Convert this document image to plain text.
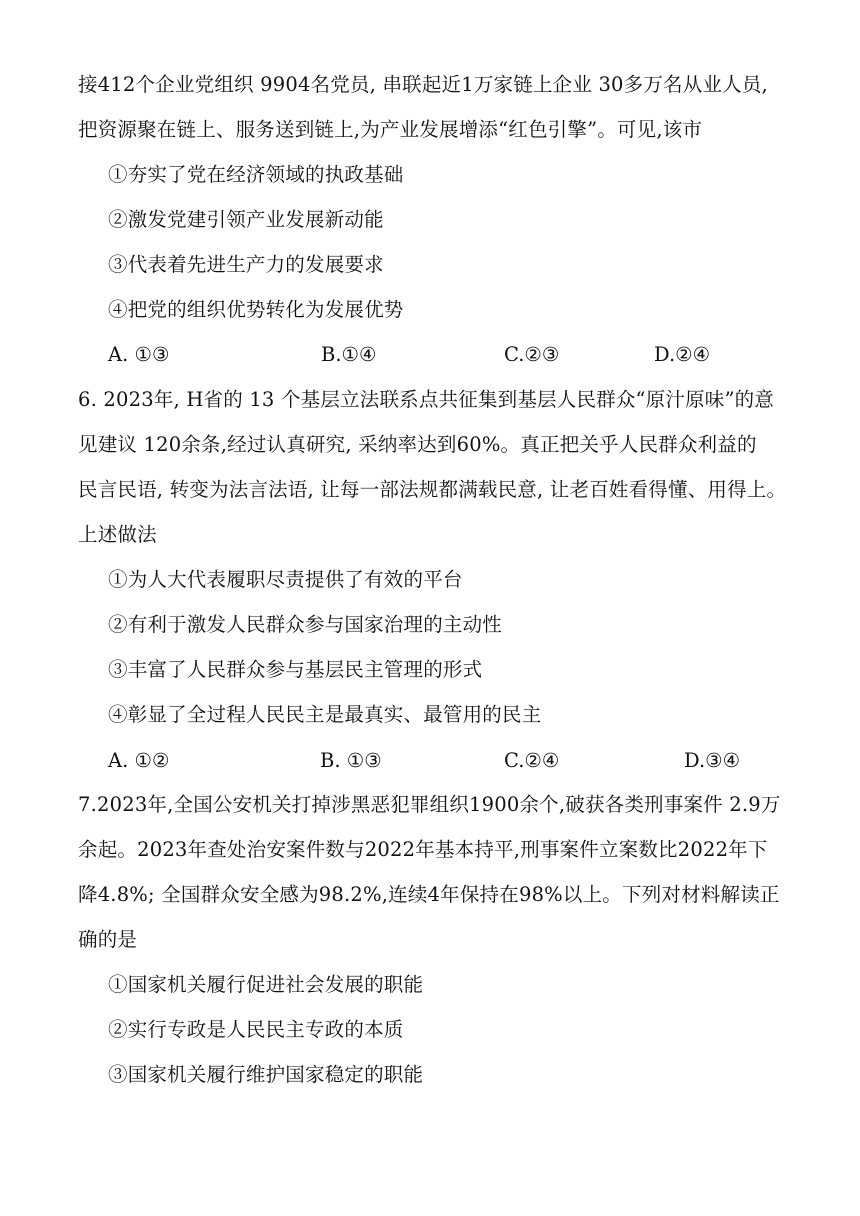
接412个企业党组织 9904名党员, 串联起近1万家链上企业 30多万名从业人员,
把资源聚在链上、服务送到链上,为产业发展增添“红色引擎”。可见,该市
①夯实了党在经济领域的执政基础
②激发党建引领产业发展新动能
③代表着先进生产力的发展要求
④把党的组织优势转化为发展优势
A. ①③	B.①④	C.②③	D.②④
6. 2023年, H省的 13 个基层立法联系点共征集到基层人民群众“原汁原味”的意
见建议 120余条,经过认真研究, 采纳率达到60%。真正把关乎人民群众利益的
民言民语, 转变为法言法语, 让每一部法规都满载民意, 让老百姓看得懂、用得上。
上述做法
①为人大代表履职尽责提供了有效的平台
②有利于激发人民群众参与国家治理的主动性
③丰富了人民群众参与基层民主管理的形式
④彰显了全过程人民民主是最真实、最管用的民主
A. ①②	B. ①③	C.②④	D.③④
7.2023年,全国公安机关打掉涉黑恶犯罪组织1900余个,破获各类刑事案件 2.9万
余起。2023年查处治安案件数与2022年基本持平,刑事案件立案数比2022年下
降4.8%; 全国群众安全感为98.2%,连续4年保持在98%以上。下列对材料解读正
确的是
①国家机关履行促进社会发展的职能
②实行专政是人民民主专政的本质
③国家机关履行维护国家稳定的职能
